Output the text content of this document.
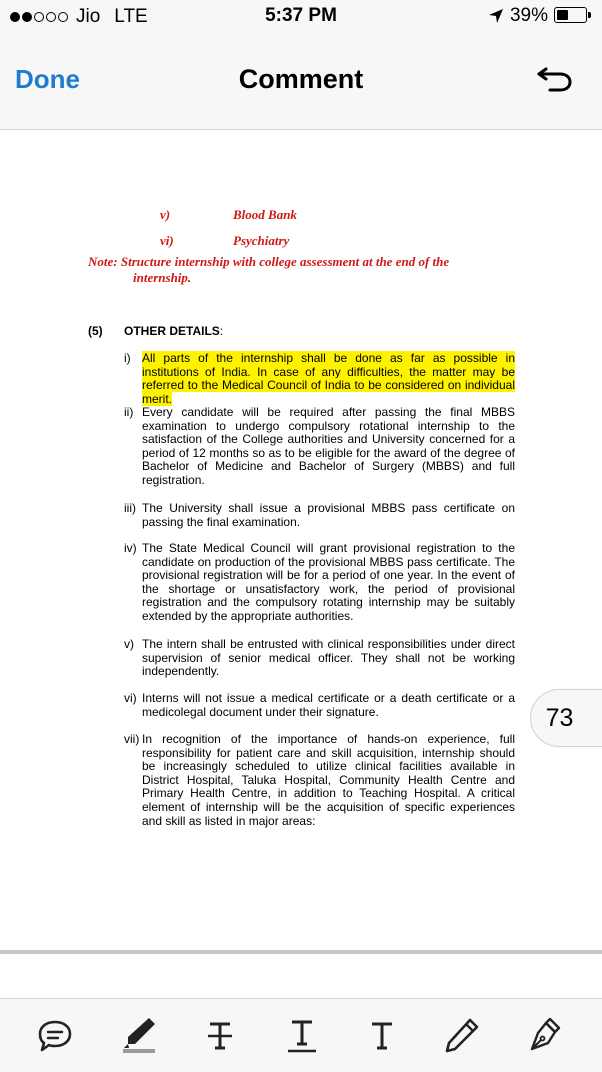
Jio LTE	5:37 PM	39%
Done	Comment
v)	Blood Bank
vi)	Psychiatry
Note: Structure internship with college assessment at the end of the
internship.
(5) OTHER DETAILS:
i) All parts of the internship shall be done as far as possible in institutions of India. In case of any difficulties, the matter may be referred to the Medical Council of India to be considered on individual merit.
ii) Every candidate will be required after passing the final MBBS examination to undergo compulsory rotational internship to the satisfaction of the College authorities and University concerned for a period of 12 months so as to be eligible for the award of the degree of Bachelor of Medicine and Bachelor of Surgery (MBBS) and full registration.
iii) The University shall issue a provisional MBBS pass certificate on passing the final examination.
iv) The State Medical Council will grant provisional registration to the candidate on production of the provisional MBBS pass certificate. The provisional registration will be for a period of one year. In the event of the shortage or unsatisfactory work, the period of provisional registration and the compulsory rotating internship may be suitably extended by the appropriate authorities.
v) The intern shall be entrusted with clinical responsibilities under direct supervision of senior medical officer. They shall not be working independently.
vi) Interns will not issue a medical certificate or a death certificate or a medicolegal document under their signature.
vii) In recognition of the importance of hands-on experience, full responsibility for patient care and skill acquisition, internship should be increasingly scheduled to utilize clinical facilities available in District Hospital, Taluka Hospital, Community Health Centre and Primary Health Centre, in addition to Teaching Hospital. A critical element of internship will be the acquisition of specific experiences and skill as listed in major areas:
73
